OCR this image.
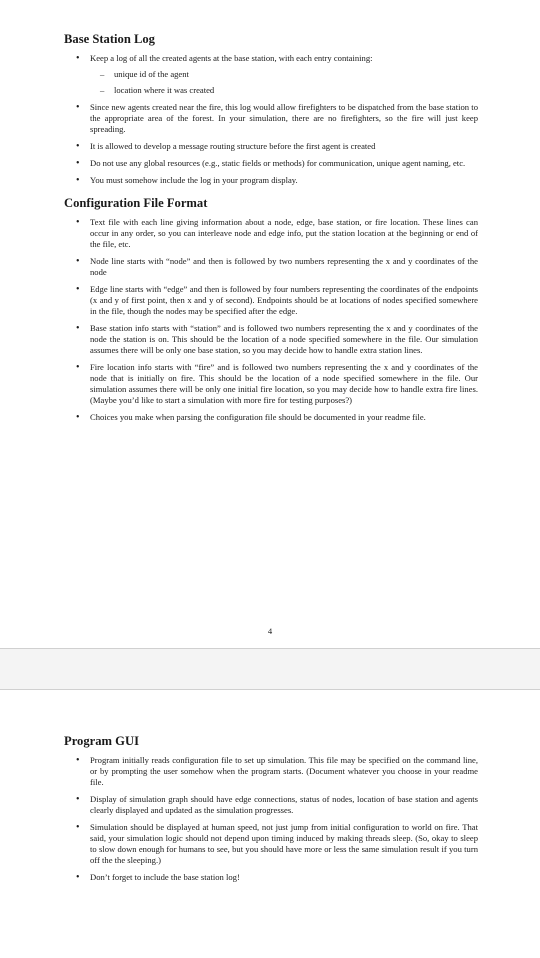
Base Station Log
• Keep a log of all the created agents at the base station, with each entry containing:
– unique id of the agent
– location where it was created
• Since new agents created near the fire, this log would allow firefighters to be dispatched from the base station to the appropriate area of the forest. In your simulation, there are no firefighters, so the fire will just keep spreading.
• It is allowed to develop a message routing structure before the first agent is created
• Do not use any global resources (e.g., static fields or methods) for communication, unique agent naming, etc.
• You must somehow include the log in your program display.
Configuration File Format
• Text file with each line giving information about a node, edge, base station, or fire location. These lines can occur in any order, so you can interleave node and edge info, put the station location at the beginning or end of the file, etc.
• Node line starts with “node” and then is followed by two numbers representing the x and y coordinates of the node
• Edge line starts with “edge” and then is followed by four numbers representing the coordinates of the endpoints (x and y of first point, then x and y of second). Endpoints should be at locations of nodes specified somewhere in the file, though the nodes may be specified after the edge.
• Base station info starts with “station” and is followed two numbers representing the x and y coordinates of the node the station is on. This should be the location of a node specified somewhere in the file. Our simulation assumes there will be only one base station, so you may decide how to handle extra station lines.
• Fire location info starts with “fire” and is followed two numbers representing the x and y coordinates of the node that is initially on fire. This should be the location of a node specified somewhere in the file. Our simulation assumes there will be only one initial fire location, so you may decide how to handle extra fire lines. (Maybe you’d like to start a simulation with more fire for testing purposes?)
• Choices you make when parsing the configuration file should be documented in your readme file.
4
Program GUI
• Program initially reads configuration file to set up simulation. This file may be specified on the command line, or by prompting the user somehow when the program starts. (Document whatever you choose in your readme file.
• Display of simulation graph should have edge connections, status of nodes, location of base station and agents clearly displayed and updated as the simulation progresses.
• Simulation should be displayed at human speed, not just jump from initial configuration to world on fire. That said, your simulation logic should not depend upon timing induced by making threads sleep. (So, okay to sleep to slow down enough for humans to see, but you should have more or less the same simulation result if you turn off the the sleeping.)
• Don’t forget to include the base station log!
